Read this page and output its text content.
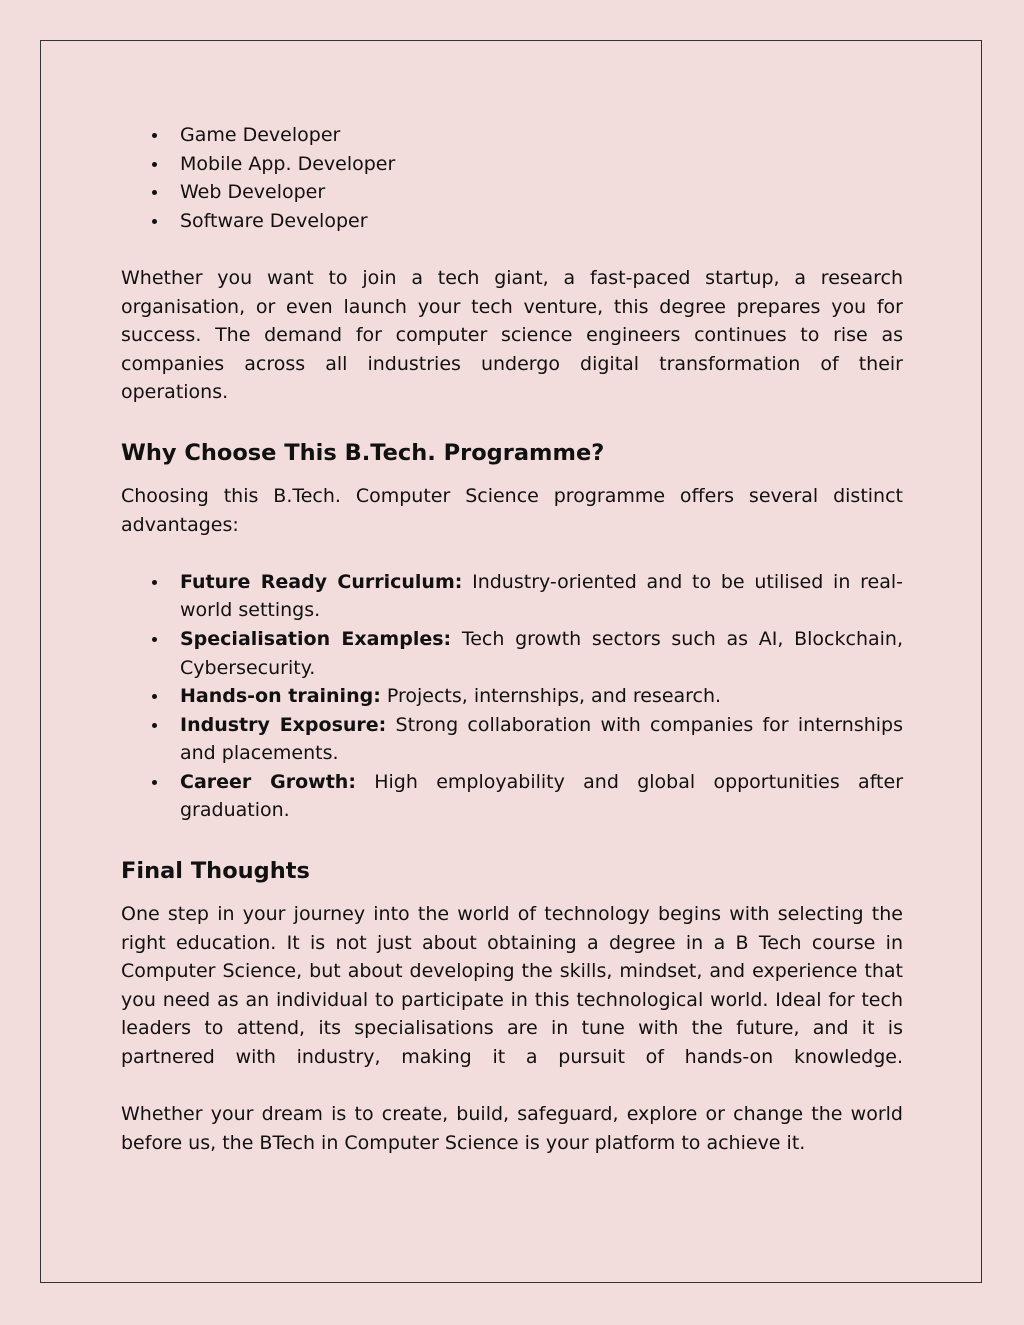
Game Developer
Mobile App. Developer
Web Developer
Software Developer

Whether you want to join a tech giant, a fast-paced startup, a research organisation, or even launch your tech venture, this degree prepares you for success. The demand for computer science engineers continues to rise as companies across all industries undergo digital transformation of their operations.

Why Choose This B.Tech. Programme?

Choosing this B.Tech. Computer Science programme offers several distinct advantages:

Future Ready Curriculum: Industry-oriented and to be utilised in real-world settings.
Specialisation Examples: Tech growth sectors such as AI, Blockchain, Cybersecurity.
Hands-on training: Projects, internships, and research.
Industry Exposure: Strong collaboration with companies for internships and placements.
Career Growth: High employability and global opportunities after graduation.
Final Thoughts

One step in your journey into the world of technology begins with selecting the right education. It is not just about obtaining a degree in a B Tech course in Computer Science, but about developing the skills, mindset, and experience that you need as an individual to participate in this technological world. Ideal for tech leaders to attend, its specialisations are in tune with the future, and it is partnered with industry, making it a pursuit of hands-on knowledge.

Whether your dream is to create, build, safeguard, explore or change the world before us, the BTech in Computer Science is your platform to achieve it.
